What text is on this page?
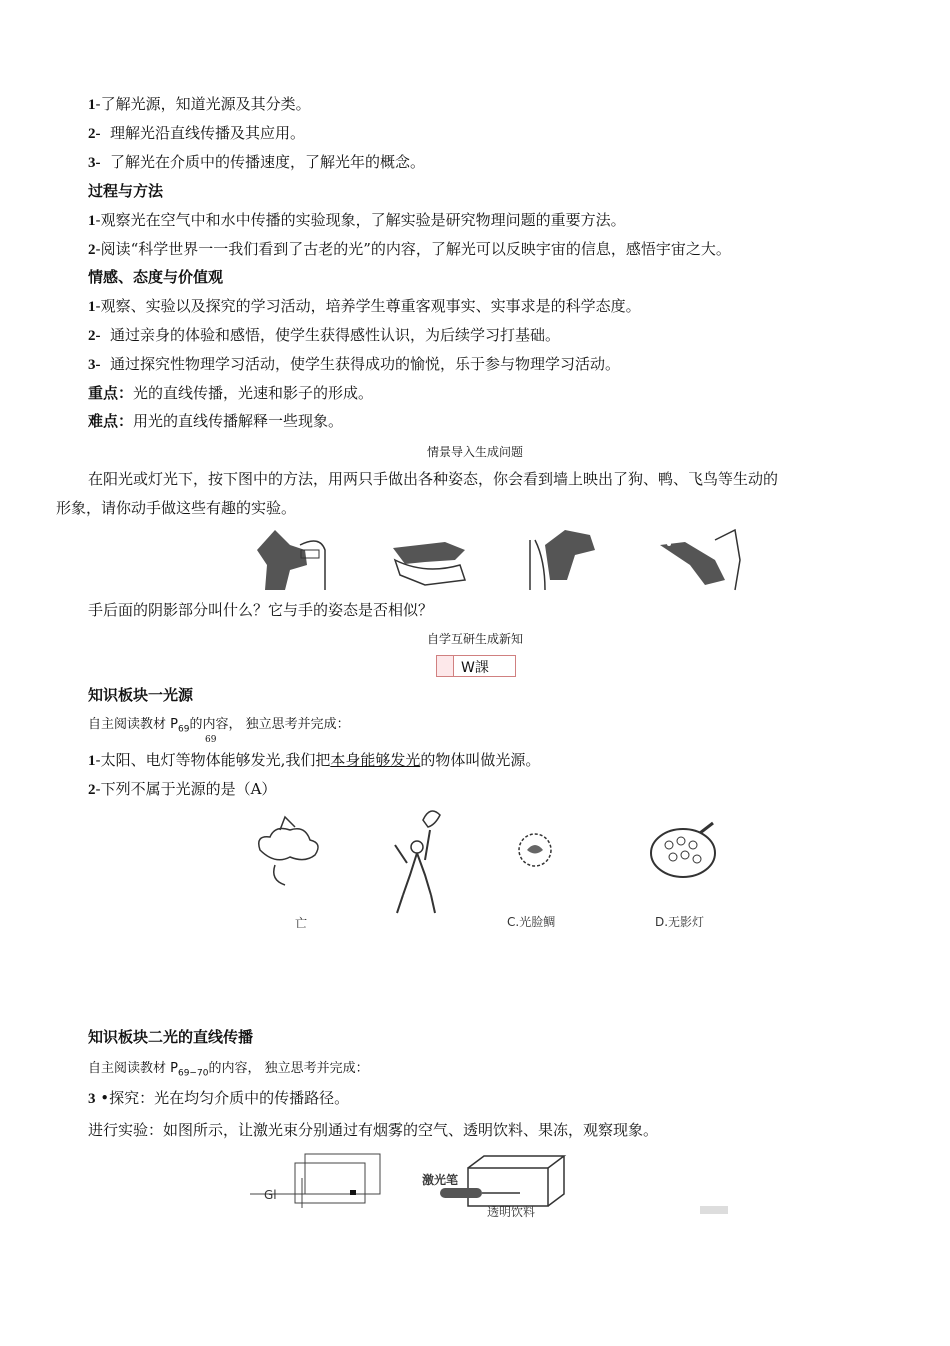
1-了解光源，知道光源及其分类。
2- 理解光沿直线传播及其应用。
3- 了解光在介质中的传播速度，了解光年的概念。
过程与方法
1-观察光在空气中和水中传播的实验现象，了解实验是研究物理问题的重要方法。
2-阅读“科学世界一一我们看到了古老的光”的内容，了解光可以反映宇宙的信息，感悟宇宙之大。
情感、态度与价值观
1-观察、实验以及探究的学习活动，培养学生尊重客观事实、实事求是的科学态度。
2- 通过亲身的体验和感悟，使学生获得感性认识，为后续学习打基础。
3- 通过探究性物理学习活动，使学生获得成功的愉悦，乐于参与物理学习活动。
重点：光的直线传播，光速和影子的形成。
难点：用光的直线传播解释一些现象。
情景导入生成问题
在阳光或灯光下，按下图中的方法，用两只手做出各种姿态，你会看到墙上映出了狗、鸭、飞鸟等生动的
形象，请你动手做这些有趣的实验。
手后面的阴影部分叫什么？它与手的姿态是否相似？
自学互研生成新知
W課
知识板块一光源
自主阅读教材 $P_{69}$的内容， 独立思考并完成：
69
1-太阳、电灯等物体能够发光,我们把本身能够发光的物体叫做光源。
2-下列不属于光源的是（A）
亡	C.光脸鲷	D.无影灯
知识板块二光的直线传播
自主阅读教材 $P_{69-70}$的内容， 独立思考并完成：
3 •探究：光在均匀介质中的传播路径。
进行实验：如图所示，让激光束分别通过有烟雾的空气、透明饮料、果冻，观察现象。
Gl
激光笔
透明饮料
